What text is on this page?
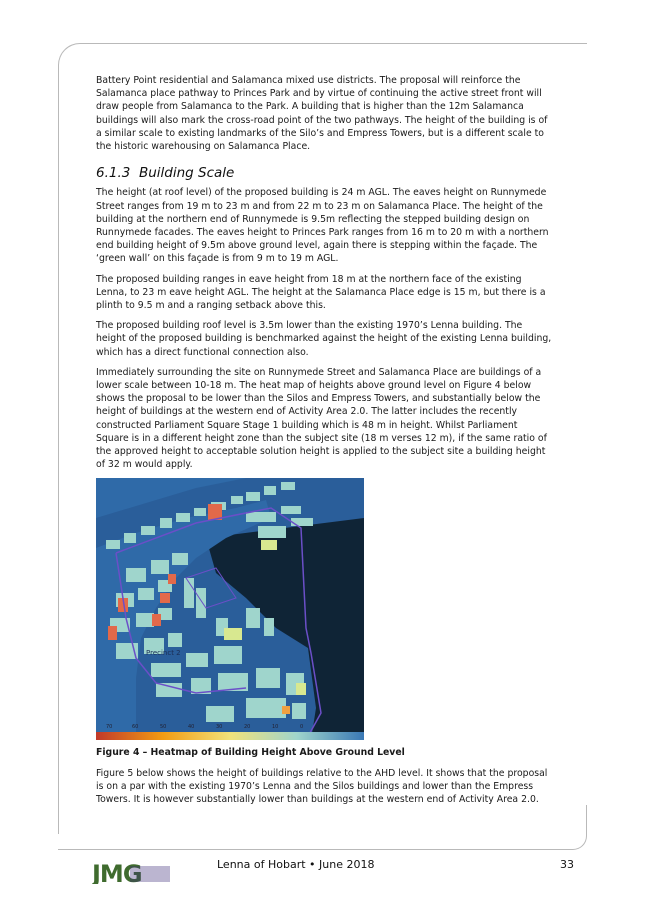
Battery Point residential and Salamanca mixed use districts. The proposal will reinforce the Salamanca place pathway to Princes Park and by virtue of continuing the active street front will draw people from Salamanca to the Park. A building that is higher than the 12m Salamanca buildings will also mark the cross-road point of the two pathways. The height of the building is of a similar scale to existing landmarks of the Silo’s and Empress Towers, but is a different scale to the historic warehousing on Salamanca Place.

6.1.3 Building Scale

The height (at roof level) of the proposed building is 24 m AGL. The eaves height on Runnymede Street ranges from 19 m to 23 m and from 22 m to 23 m on Salamanca Place. The height of the building at the northern end of Runnymede is 9.5m reflecting the stepped building design on Runnymede facades. The eaves height to Princes Park ranges from 16 m to 20 m with a northern end building height of 9.5m above ground level, again there is stepping within the façade. The ‘green wall’ on this façade is from 9 m to 19 m AGL.

The proposed building ranges in eave height from 18 m at the northern face of the existing Lenna, to 23 m eave height AGL. The height at the Salamanca Place edge is 15 m, but there is a plinth to 9.5 m and a ranging setback above this.

The proposed building roof level is 3.5m lower than the existing 1970’s Lenna building. The height of the proposed building is benchmarked against the height of the existing Lenna building, which has a direct functional connection also.

Immediately surrounding the site on Runnymede Street and Salamanca Place are buildings of a lower scale between 10-18 m. The heat map of heights above ground level on Figure 4 below shows the proposal to be lower than the Silos and Empress Towers, and substantially below the height of buildings at the western end of Activity Area 2.0. The latter includes the recently constructed Parliament Square Stage 1 building which is 48 m in height. Whilst Parliament Square is in a different height zone than the subject site (18 m verses 12 m), if the same ratio of the approved height to acceptable solution height is applied to the subject site a building height of 32 m would apply.

Precinct 2
70	60	50	40	30	20	10	0

Figure 4 – Heatmap of Building Height Above Ground Level

Figure 5 below shows the height of buildings relative to the AHD level. It shows that the proposal is on a par with the existing 1970’s Lenna and the Silos buildings and lower than the Empress Towers. It is however substantially lower than buildings at the western end of Activity Area 2.0.

JMG	Lenna of Hobart • June 2018	33
